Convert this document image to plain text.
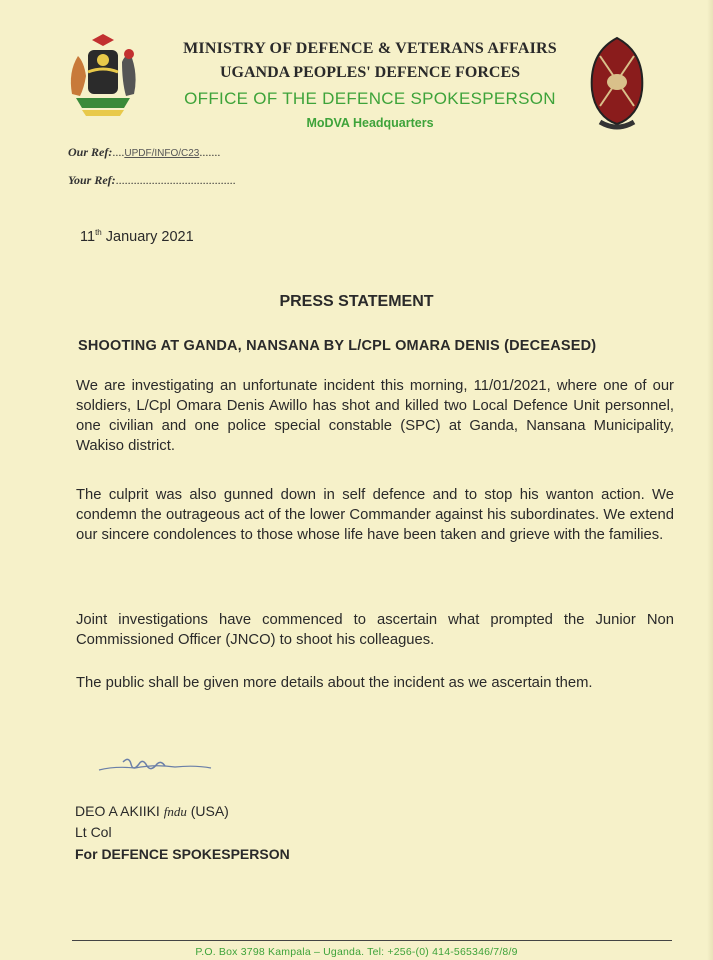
MINISTRY OF DEFENCE & VETERANS AFFAIRS
UGANDA PEOPLES' DEFENCE FORCES
OFFICE OF THE DEFENCE SPOKESPERSON
MoDVA Headquarters
Our Ref:....UPDF/INFO/C23.......
Your Ref:........................................
11th January 2021
PRESS STATEMENT
SHOOTING AT GANDA, NANSANA BY L/CPL OMARA DENIS (DECEASED)
We are investigating an unfortunate incident this morning, 11/01/2021, where one of our soldiers, L/Cpl Omara Denis Awillo has shot and killed two Local Defence Unit personnel, one civilian and one police special constable (SPC) at Ganda, Nansana Municipality, Wakiso district.
The culprit was also gunned down in self defence and to stop his wanton action. We condemn the outrageous act of the lower Commander against his subordinates. We extend our sincere condolences to those whose life have been taken and grieve with the families.
Joint investigations have commenced to ascertain what prompted the Junior Non Commissioned Officer (JNCO) to shoot his colleagues.
The public shall be given more details about the incident as we ascertain them.
DEO A AKIIKI fndu (USA)
Lt Col
For DEFENCE SPOKESPERSON
P.O. Box 3798 Kampala – Uganda. Tel: +256-(0) 414-565346/7/8/9
